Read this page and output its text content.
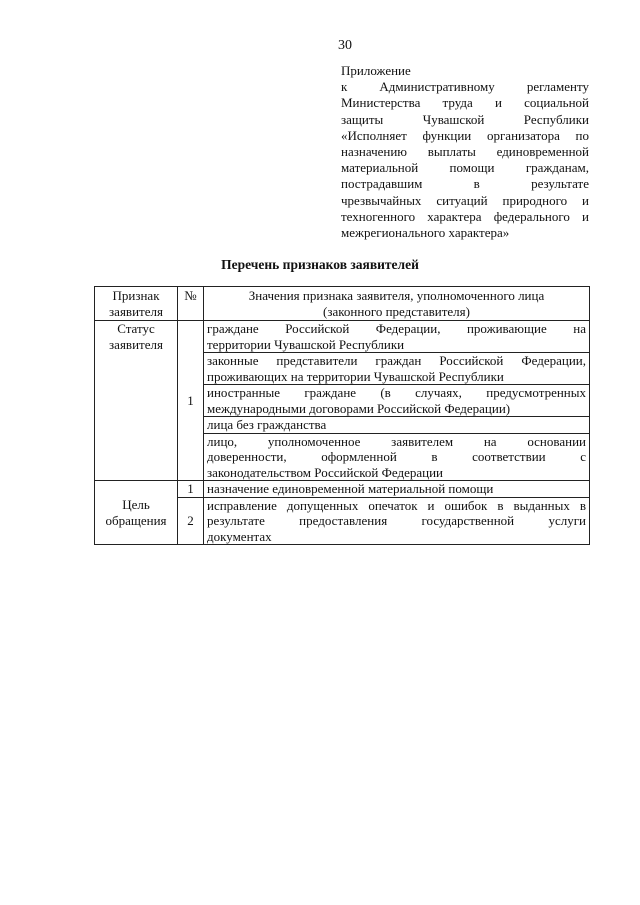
30
Приложение
к Административному регламенту
Министерства труда и социальной
защиты Чувашской Республики
«Исполняет функции организатора по
назначению выплаты единовременной
материальной помощи гражданам,
пострадавшим в результате
чрезвычайных ситуаций природного и
техногенного характера федерального и
межрегионального характера»
Перечень признаков заявителей
Признак
заявителя	№	Значения признака заявителя, уполномоченного лица
(законного представителя)

Статус
заявителя	1	граждане Российской Федерации, проживающие на
территории Чувашской Республики

		законные представители граждан Российской Федерации,
проживающих на территории Чувашской Республики

		иностранные граждане (в случаях, предусмотренных
международными договорами Российской Федерации)

		лица без гражданства

		лицо, уполномоченное заявителем на основании
доверенности, оформленной в соответствии с
законодательством Российской Федерации

Цель
обращения	1	назначение единовременной материальной помощи

	2	исправление допущенных опечаток и ошибок в выданных в
результате предоставления государственной услуги
документах
